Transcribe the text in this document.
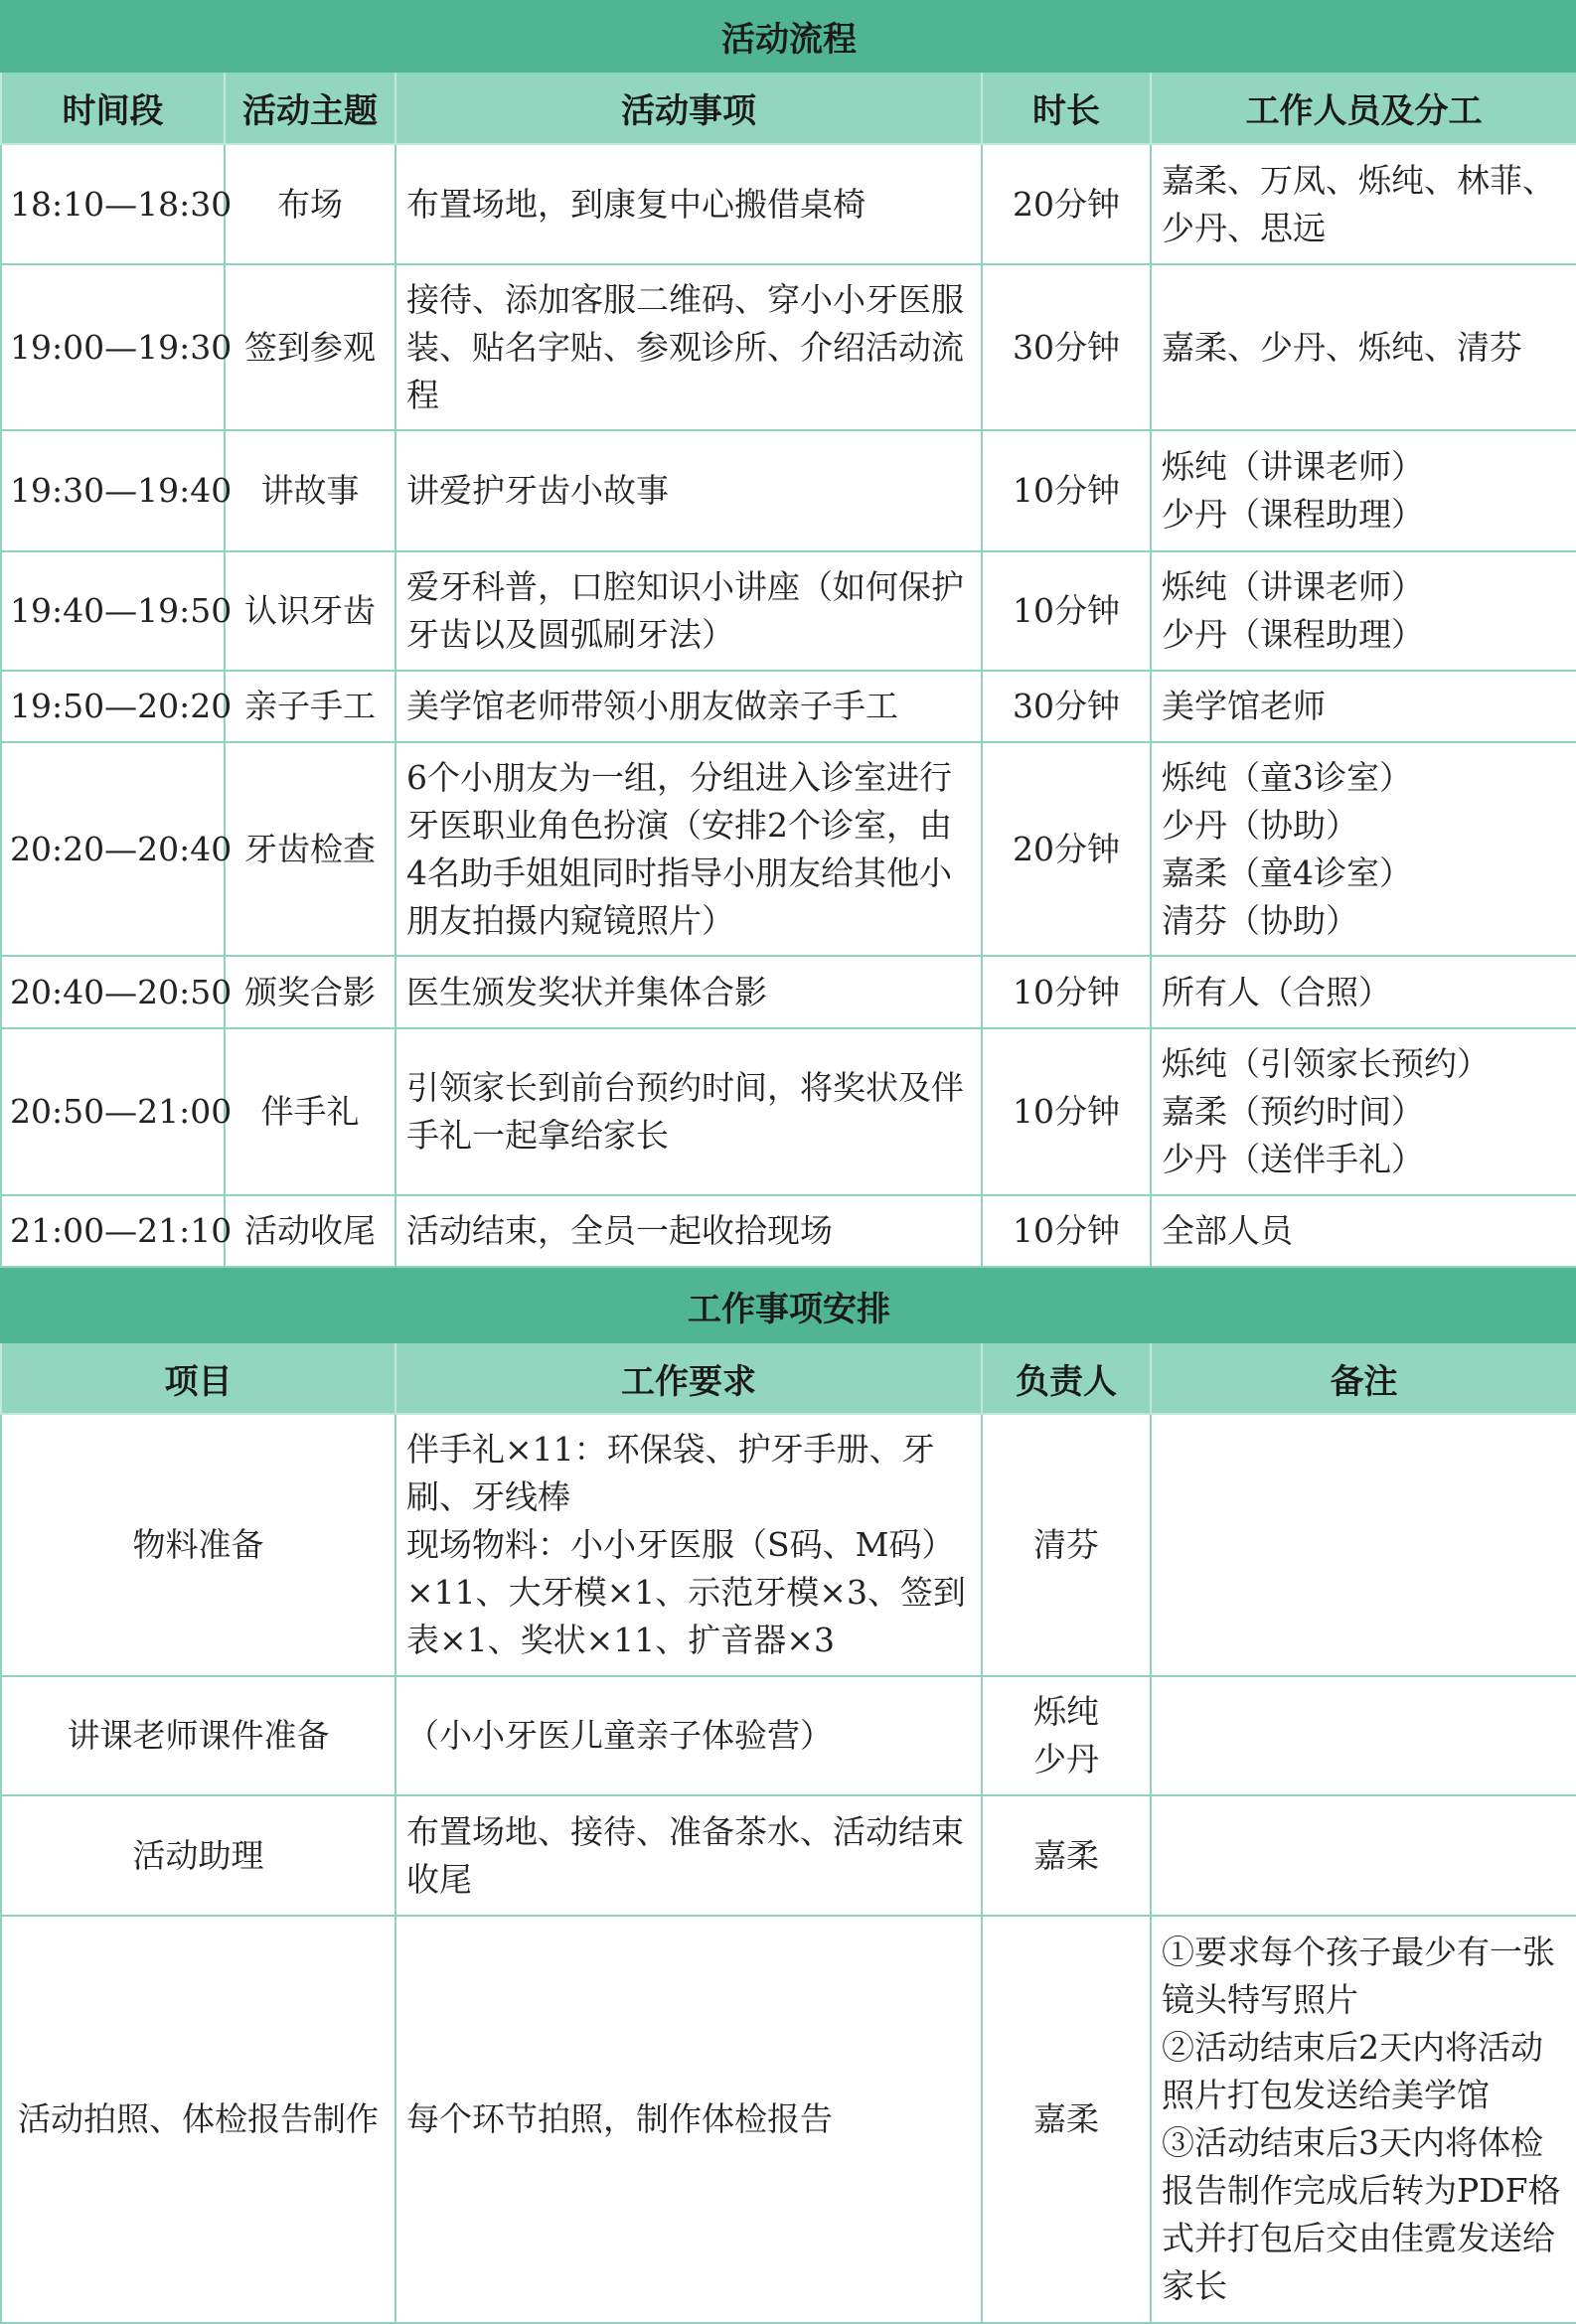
活动流程				
时间段	活动主题	活动事项	时长	工作人员及分工
18:10—18:30	布场	布置场地，到康复中心搬借桌椅	20分钟	嘉柔、万凤、烁纯、林菲、少丹、思远
19:00—19:30	签到参观	接待、添加客服二维码、穿小小牙医服装、贴名字贴、参观诊所、介绍活动流程	30分钟	嘉柔、少丹、烁纯、清芬
19:30—19:40	讲故事	讲爱护牙齿小故事	10分钟	烁纯（讲课老师）
少丹（课程助理）
19:40—19:50	认识牙齿	爱牙科普，口腔知识小讲座（如何保护牙齿以及圆弧刷牙法）	10分钟	烁纯（讲课老师）
少丹（课程助理）
19:50—20:20	亲子手工	美学馆老师带领小朋友做亲子手工	30分钟	美学馆老师
20:20—20:40	牙齿检查	6个小朋友为一组，分组进入诊室进行牙医职业角色扮演（安排2个诊室，由4名助手姐姐同时指导小朋友给其他小朋友拍摄内窥镜照片）	20分钟	烁纯（童3诊室）
少丹（协助）
嘉柔（童4诊室）
清芬（协助）
20:40—20:50	颁奖合影	医生颁发奖状并集体合影	10分钟	所有人（合照）
20:50—21:00	伴手礼	引领家长到前台预约时间，将奖状及伴手礼一起拿给家长	10分钟	烁纯（引领家长预约）
嘉柔（预约时间）
少丹（送伴手礼）
21:00—21:10	活动收尾	活动结束，全员一起收拾现场	10分钟	全部人员
工作事项安排			
项目	工作要求	负责人	备注
物料准备	伴手礼×11：环保袋、护牙手册、牙刷、牙线棒
现场物料：小小牙医服（S码、M码）×11、大牙模×1、示范牙模×3、签到表×1、奖状×11、扩音器×3	清芬	
讲课老师课件准备	（小小牙医儿童亲子体验营）	烁纯
少丹	
活动助理	布置场地、接待、准备茶水、活动结束收尾	嘉柔	
活动拍照、体检报告制作	每个环节拍照，制作体检报告	嘉柔	①要求每个孩子最少有一张镜头特写照片
②活动结束后2天内将活动照片打包发送给美学馆
③活动结束后3天内将体检报告制作完成后转为PDF格式并打包后交由佳霓发送给家长
